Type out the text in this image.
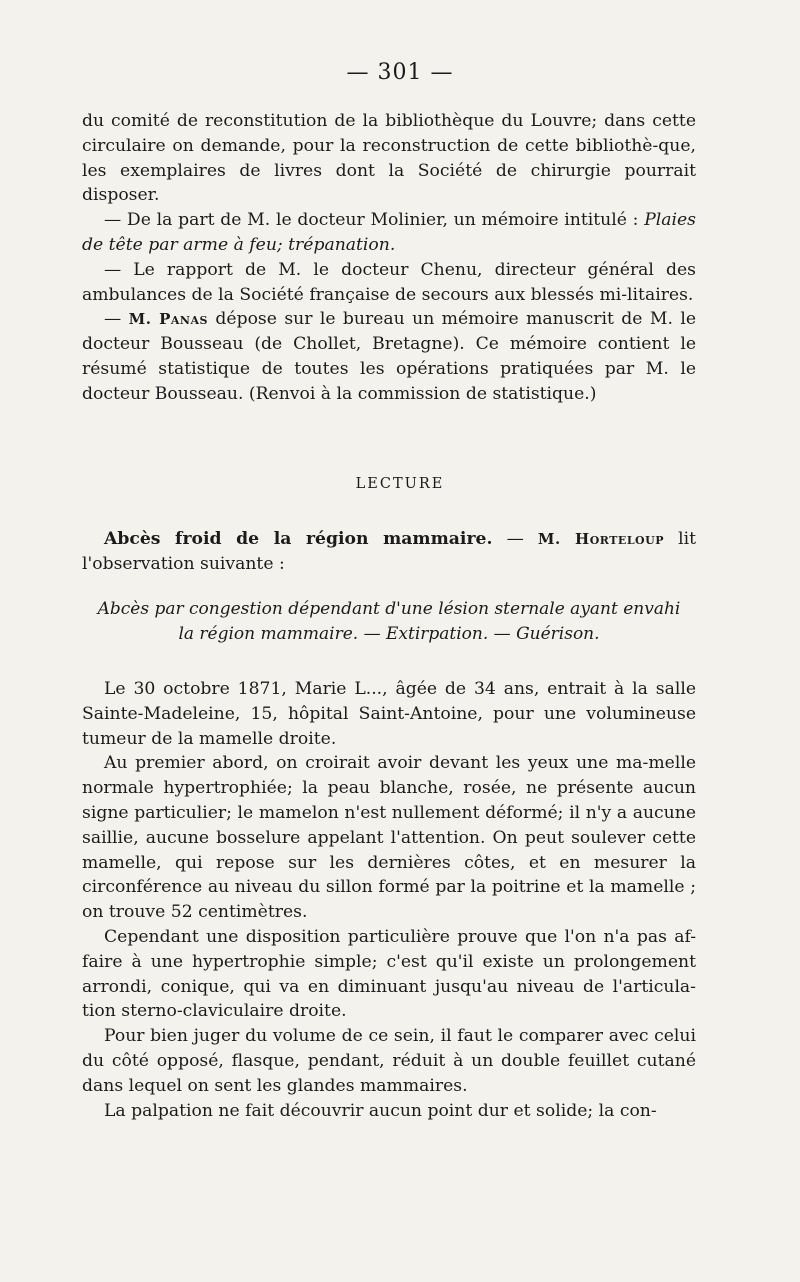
— 301 —

du comité de reconstitution de la bibliothèque du Louvre; dans cette circulaire on demande, pour la reconstruction de cette bibliothè-que, les exemplaires de livres dont la Société de chirurgie pourrait disposer.

— De la part de M. le docteur Molinier, un mémoire intitulé : Plaies de tête par arme à feu; trépanation.

— Le rapport de M. le docteur Chenu, directeur général des ambulances de la Société française de secours aux blessés mi-litaires.

— M. Panas dépose sur le bureau un mémoire manuscrit de M. le docteur Bousseau (de Chollet, Bretagne). Ce mémoire contient le résumé statistique de toutes les opérations pratiquées par M. le docteur Bousseau. (Renvoi à la commission de statistique.)

LECTURE

Abcès froid de la région mammaire. — M. Horteloup lit l'observation suivante :

Abcès par congestion dépendant d'une lésion sternale ayant envahi
la région mammaire. — Extirpation. — Guérison.

Le 30 octobre 1871, Marie L..., âgée de 34 ans, entrait à la salle Sainte-Madeleine, 15, hôpital Saint-Antoine, pour une volumineuse tumeur de la mamelle droite.

Au premier abord, on croirait avoir devant les yeux une ma-melle normale hypertrophiée; la peau blanche, rosée, ne présente aucun signe particulier; le mamelon n'est nullement déformé; il n'y a aucune saillie, aucune bosselure appelant l'attention. On peut soulever cette mamelle, qui repose sur les dernières côtes, et en mesurer la circonférence au niveau du sillon formé par la poitrine et la mamelle ; on trouve 52 centimètres.

Cependant une disposition particulière prouve que l'on n'a pas af-faire à une hypertrophie simple; c'est qu'il existe un prolongement arrondi, conique, qui va en diminuant jusqu'au niveau de l'articula-tion sterno-claviculaire droite.

Pour bien juger du volume de ce sein, il faut le comparer avec celui du côté opposé, flasque, pendant, réduit à un double feuillet cutané dans lequel on sent les glandes mammaires.

La palpation ne fait découvrir aucun point dur et solide; la con-
